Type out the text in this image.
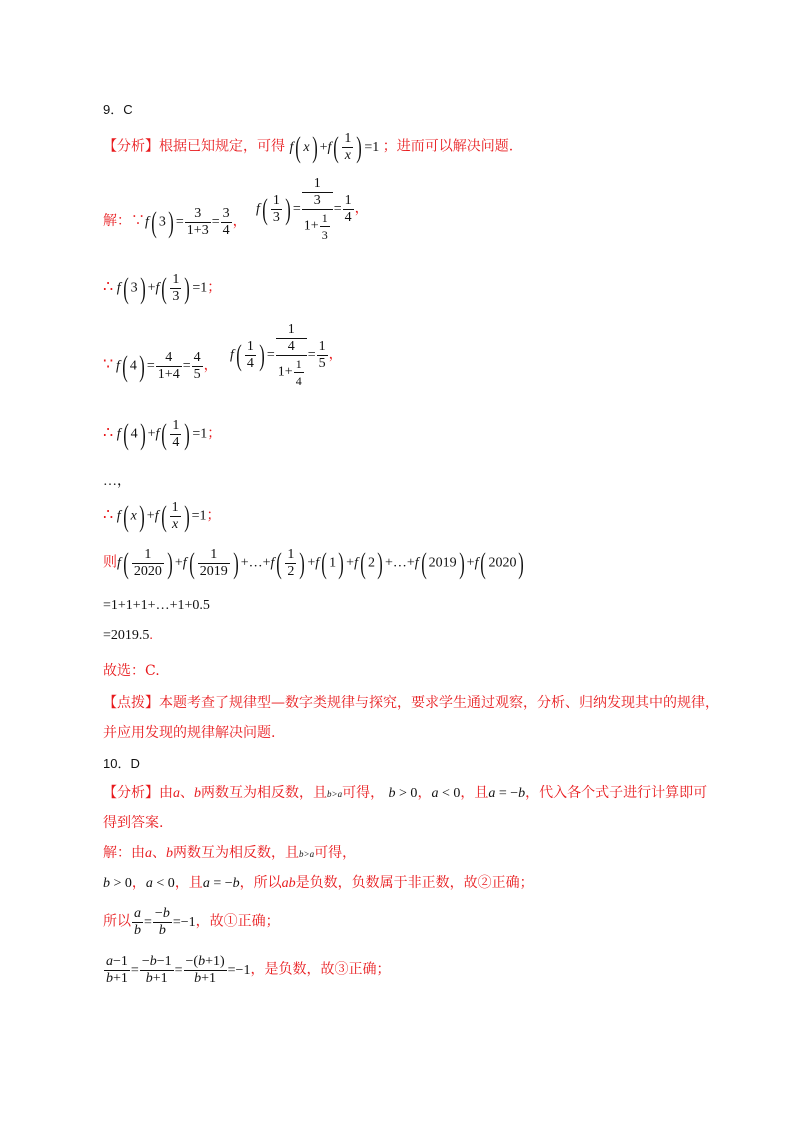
9．C
【分析】根据已知规定，可得 f( $x) +f( \frac{1}{x}$ ) =1 ；进而可以解决问题.
解：∵ f( $3) = \frac{3}{1+3} = \frac{3}{4}$ ，
$f( \frac{1}{3}$ ) =
1
3
$1+ \frac{1}{3}$
= $\frac{1}{4}$ ，
∴ f( $3) +f( \frac{1}{3}$ ) =1；
∵ f( $4) = \frac{4}{1+4} = \frac{4}{5}$ ，
$f( \frac{1}{4}$ ) =
1
4
$1+ \frac{1}{4}$
= $\frac{1}{5}$ ，
∴ f( $4) +f( \frac{1}{4}$ ) =1；
…，
∴ f( $x) +f( \frac{1}{x}$ ) =1；
则$f( \frac{1}{2020}$ ) $+f( \frac{1}{2019}$ ) +…+f( $\frac{1}{2}$ ) +f( 1) +f( 2) +…+f( 2019) +f( 2020)
=1+1+1+…+1+0.5
=2019.5.
故选：C.
【点拨】本题考查了规律型—数字类规律与探究，要求学生通过观察，分析、归纳发现其中的规律，
并应用发现的规律解决问题.
10．D
【分析】由a、b两数互为相反数，且b>a可得， b > 0，a < 0，且a = −b，代入各个式子进行计算即可
得到答案.
解：由a、b两数互为相反数，且b>a可得，
b > 0，a < 0，且a = −b，所以ab是负数，负数属于非正数，故②正确；
所以 $\frac{a}{b} = \frac{-b}{b} =-1$，故①正确；
$\frac{a-1}{b+1} = \frac{-b-1}{b+1} = \frac{-(b+1)}{b+1} =-1$，是负数，故③正确；
